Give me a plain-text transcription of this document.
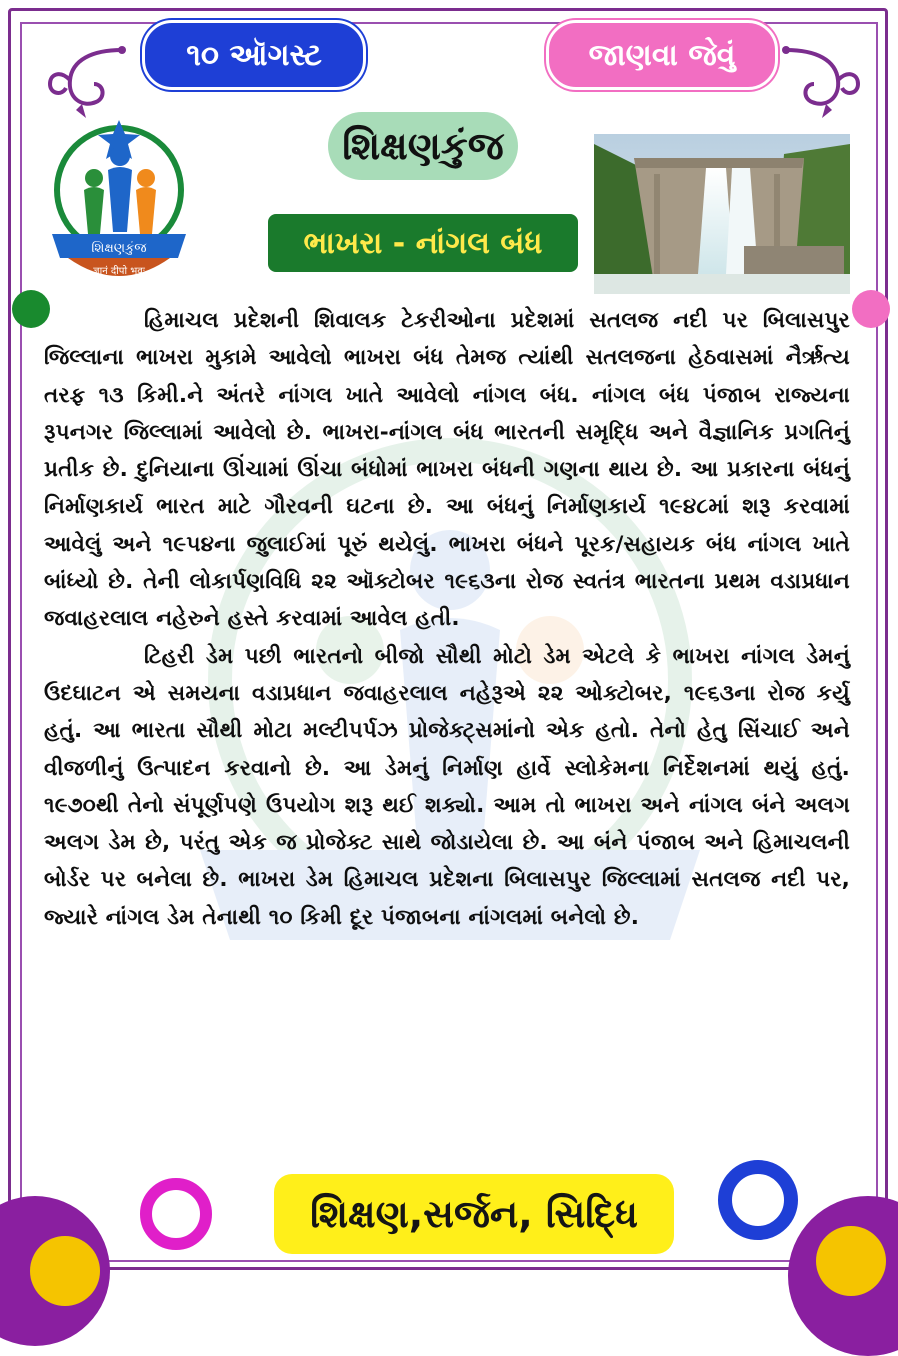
૧૦ ઑગસ્ટ	જાણવા જેવું
શિક્ષણકુંજ
ज्ञानं दीपो भवः
શિક્ષણકુંજ
ભાખરા - નાંગલ બંધ

હિમાચલ પ્રદેશની શિવાલક ટેકરીઓના પ્રદેશમાં સતલજ નદી પર બિલાસપુર જિલ્લાના ભાખરા મુકામે આવેલો ભાખરા બંધ તેમજ ત્યાંથી સતલજના હેઠવાસમાં નૈર્ઋત્ય તરફ ૧૩ કિમી.ને અંતરે નાંગલ ખાતે આવેલો નાંગલ બંધ. નાંગલ બંધ પંજાબ રાજ્યના રૂપનગર જિલ્લામાં આવેલો છે. ભાખરા-નાંગલ બંધ ભારતની સમૃદ્ધિ અને વૈજ્ઞાનિક પ્રગતિનું પ્રતીક છે. દુનિયાના ઊંચામાં ઊંચા બંધોમાં ભાખરા બંધની ગણના થાય છે. આ પ્રકારના બંધનું નિર્માણકાર્ય ભારત માટે ગૌરવની ઘટના છે. આ બંધનું નિર્માણકાર્ય ૧૯૪૮માં શરૂ કરવામાં આવેલું અને ૧૯૫૪ના જુલાઈમાં પૂરું થયેલું. ભાખરા બંધને પૂરક/સહાયક બંધ નાંગલ ખાતે બાંધ્યો છે. તેની લોકાર્પણવિધિ ૨૨ ઑક્ટોબર ૧૯૬૩ના રોજ સ્વતંત્ર ભારતના પ્રથમ વડાપ્રધાન જવાહરલાલ નહેરુને હસ્તે કરવામાં આવેલ હતી.

ટિહરી ડેમ પછી ભારતનો બીજો સૌથી મોટો ડેમ એટલે કે ભાખરા નાંગલ ડેમનું ઉદઘાટન એ સમયના વડાપ્રધાન જવાહરલાલ નહેરૂએ ૨૨ ઓક્ટોબર, ૧૯૬૩ના રોજ કર્યુ હતું. આ ભારતા સૌથી મોટા મલ્ટીપર્પઝ પ્રોજેક્ટ્સમાંનો એક હતો. તેનો હેતુ સિંચાઈ અને વીજળીનું ઉત્પાદન કરવાનો છે. આ ડેમનું નિર્માણ હાર્વે સ્લોકેમના નિર્દેશનમાં થયું હતું. ૧૯૭૦થી તેનો સંપૂર્ણપણે ઉપયોગ શરૂ થઈ શક્યો. આમ તો ભાખરા અને નાંગલ બંને અલગ અલગ ડેમ છે, પરંતુ એક જ પ્રોજેક્ટ સાથે જોડાયેલા છે. આ બંને પંજાબ અને હિમાચલની બોર્ડર પર બનેલા છે. ભાખરા ડેમ હિમાચલ પ્રદેશના બિલાસપુર જિલ્લામાં સતલજ નદી પર, જ્યારે નાંગલ ડેમ તેનાથી ૧૦ કિમી દૂર પંજાબના નાંગલમાં બનેલો છે.

શિક્ષણ,સર્જન, સિદ્ધિ
